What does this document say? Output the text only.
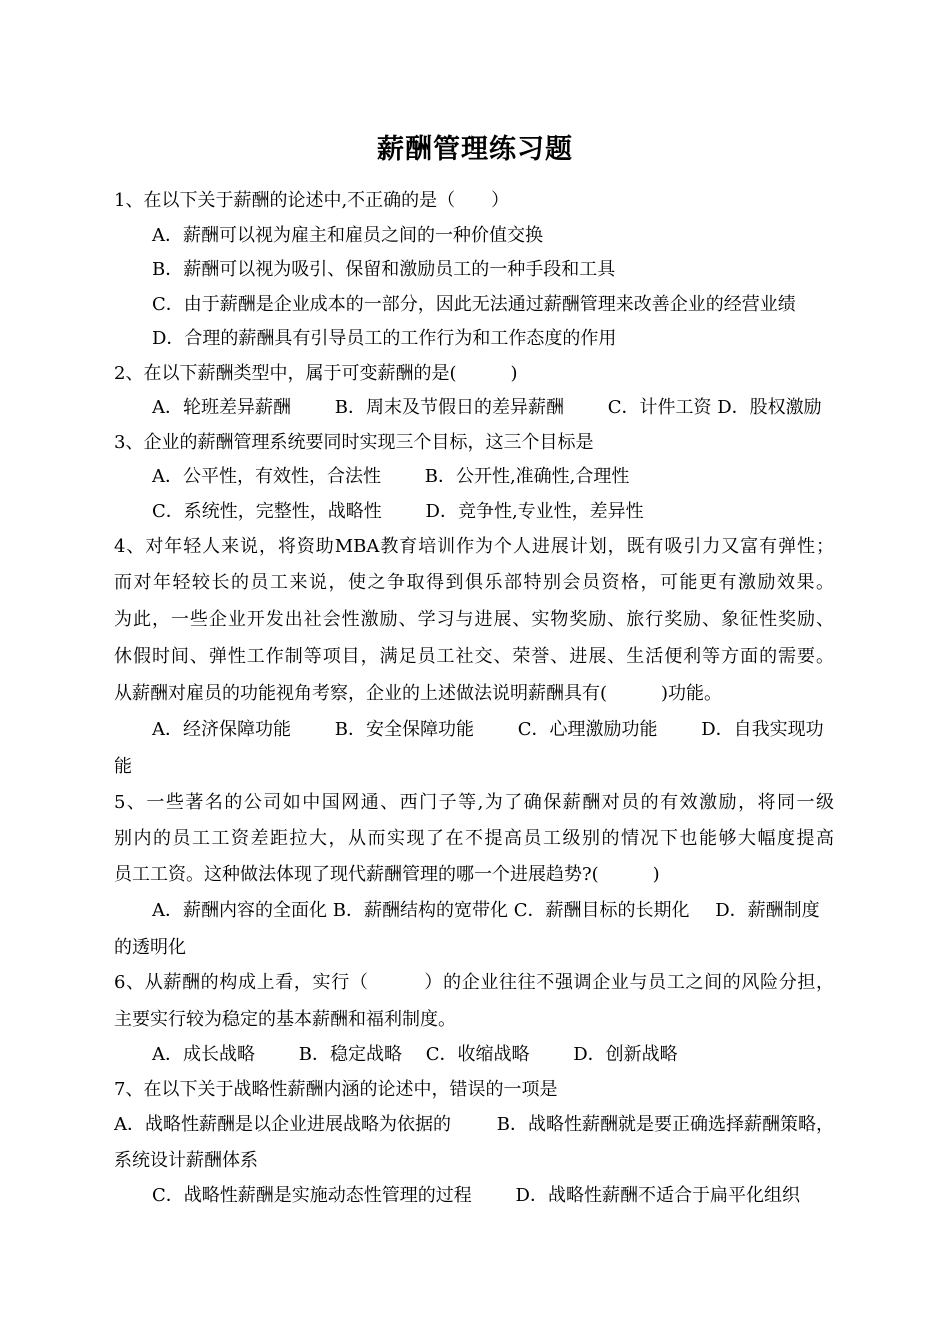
薪酬管理练习题
1、在以下关于薪酬的论述中,不正确的是（　　）
A．薪酬可以视为雇主和雇员之间的一种价值交换
B．薪酬可以视为吸引、保留和激励员工的一种手段和工具
C．由于薪酬是企业成本的一部分，因此无法通过薪酬管理来改善企业的经营业绩
D．合理的薪酬具有引导员工的工作行为和工作态度的作用
2、在以下薪酬类型中，属于可变薪酬的是(　　　)
A．轮班差异薪酬 B．周末及节假日的差异薪酬 C．计件工资 D．股权激励
3、企业的薪酬管理系统要同时实现三个目标，这三个目标是
A．公平性，有效性，合法性 B．公开性,准确性,合理性
C．系统性，完整性，战略性 D．竞争性,专业性，差异性
4、对年轻人来说，将资助MBA教育培训作为个人进展计划，既有吸引力又富有弹性；
而对年轻较长的员工来说，使之争取得到俱乐部特别会员资格，可能更有激励效果。
为此，一些企业开发出社会性激励、学习与进展、实物奖励、旅行奖励、象征性奖励、
休假时间、弹性工作制等项目，满足员工社交、荣誉、进展、生活便利等方面的需要。
从薪酬对雇员的功能视角考察，企业的上述做法说明薪酬具有(　　　)功能。
A．经济保障功能 B．安全保障功能 C．心理激励功能 D．自我实现功
能
5、一些著名的公司如中国网通、西门子等,为了确保薪酬对员的有效激励，将同一级
别内的员工工资差距拉大，从而实现了在不提高员工级别的情况下也能够大幅度提高
员工工资。这种做法体现了现代薪酬管理的哪一个进展趋势?(　　　)
A．薪酬内容的全面化 B．薪酬结构的宽带化 C．薪酬目标的长期化 D．薪酬制度
的透明化
6、从薪酬的构成上看，实行（　　　）的企业往往不强调企业与员工之间的风险分担，
主要实行较为稳定的基本薪酬和福利制度。
A．成长战略 B．稳定战略 C．收缩战略 D．创新战略
7、在以下关于战略性薪酬内涵的论述中，错误的一项是
A．战略性薪酬是以企业进展战略为依据的	B．战略性薪酬就是要正确选择薪酬策略，
系统设计薪酬体系
C．战略性薪酬是实施动态性管理的过程 D．战略性薪酬不适合于扁平化组织
